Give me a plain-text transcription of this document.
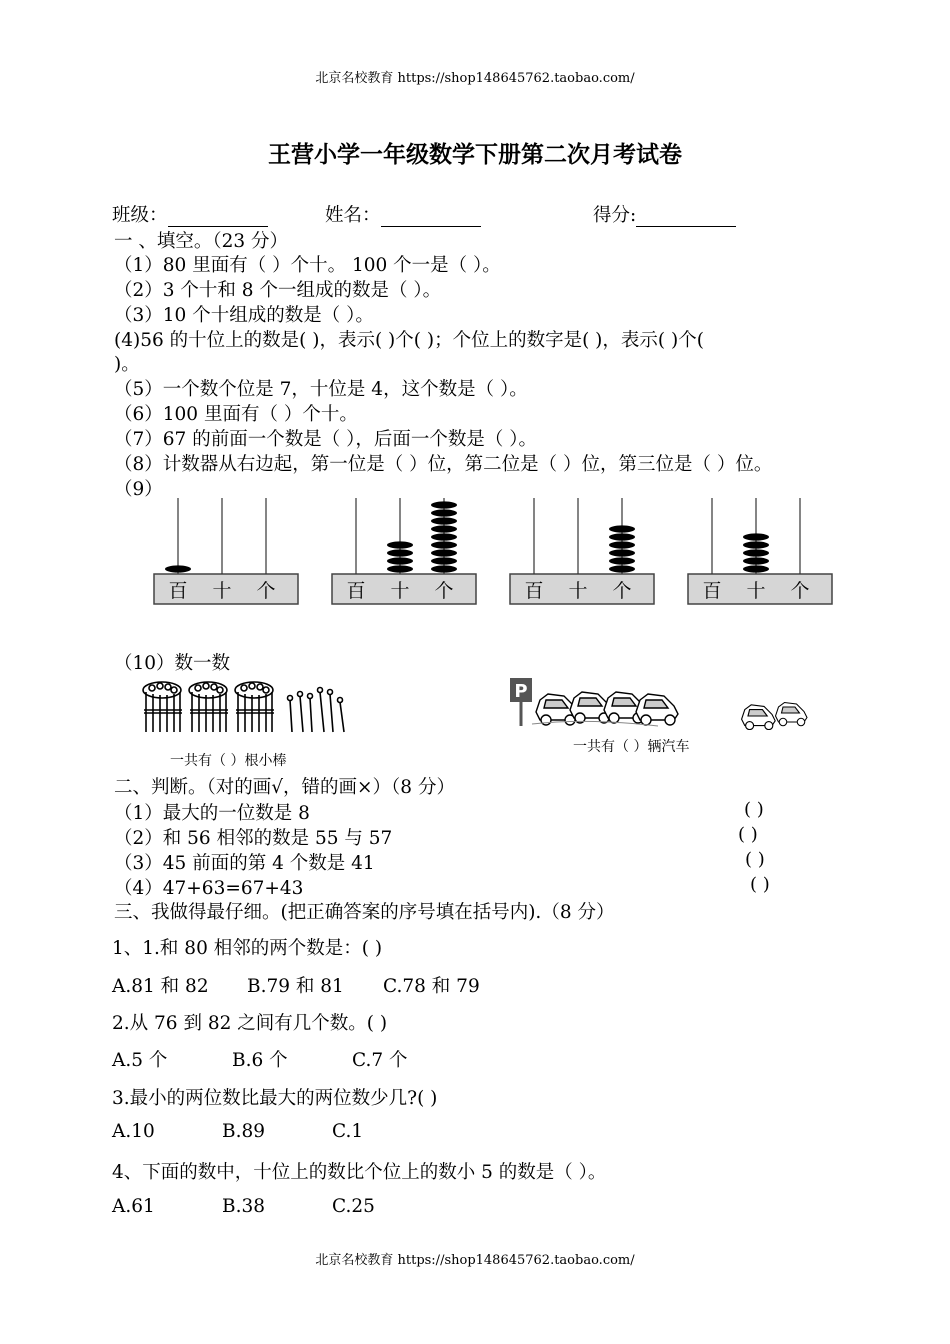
北京名校教育 https://shop148645762.taobao.com/
王营小学一年级数学下册第二次月考试卷
班级：	姓名：	得分:
一 、填空。（23 分）
（1）80 里面有（ ）个十。 100 个一是（ ）。
（2）3 个十和 8 个一组成的数是（ ）。
（3）10 个十组成的数是（ ）。
(4)56 的十位上的数是( )，表示( )个( )；个位上的数字是( )，表示( )个(
)。
（5）一个数个位是 7，十位是 4，这个数是（ ）。
（6）100 里面有（ ）个十。
（7）67 的前面一个数是（ ），后面一个数是（ ）。
（8）计数器从右边起，第一位是（ ）位，第二位是（ ）位，第三位是（ ）位。
（9）
百 十 个	百 十 个	百 十 个	百 十 个
（10）数一数
一共有（ ）根小棒
P
一共有（ ）辆汽车
二、判断。（对的画√，错的画×）（8 分）
（1）最大的一位数是 8
（2）和 56 相邻的数是 55 与 57
（3）45 前面的第 4 个数是 41
（4）47+63=67+43
( )
( )
( )
( )
三、我做得最仔细。(把正确答案的序号填在括号内).（8 分）
1、1.和 80 相邻的两个数是：( )
A.81 和 82 B.79 和 81 C.78 和 79
2.从 76 到 82 之间有几个数。( )
A.5 个	B.6 个	C.7 个
3.最小的两位数比最大的两位数少几?( )
A.10	B.89	C.1
4、下面的数中，十位上的数比个位上的数小 5 的数是（ ）。
A.61	B.38	C.25
北京名校教育 https://shop148645762.taobao.com/
